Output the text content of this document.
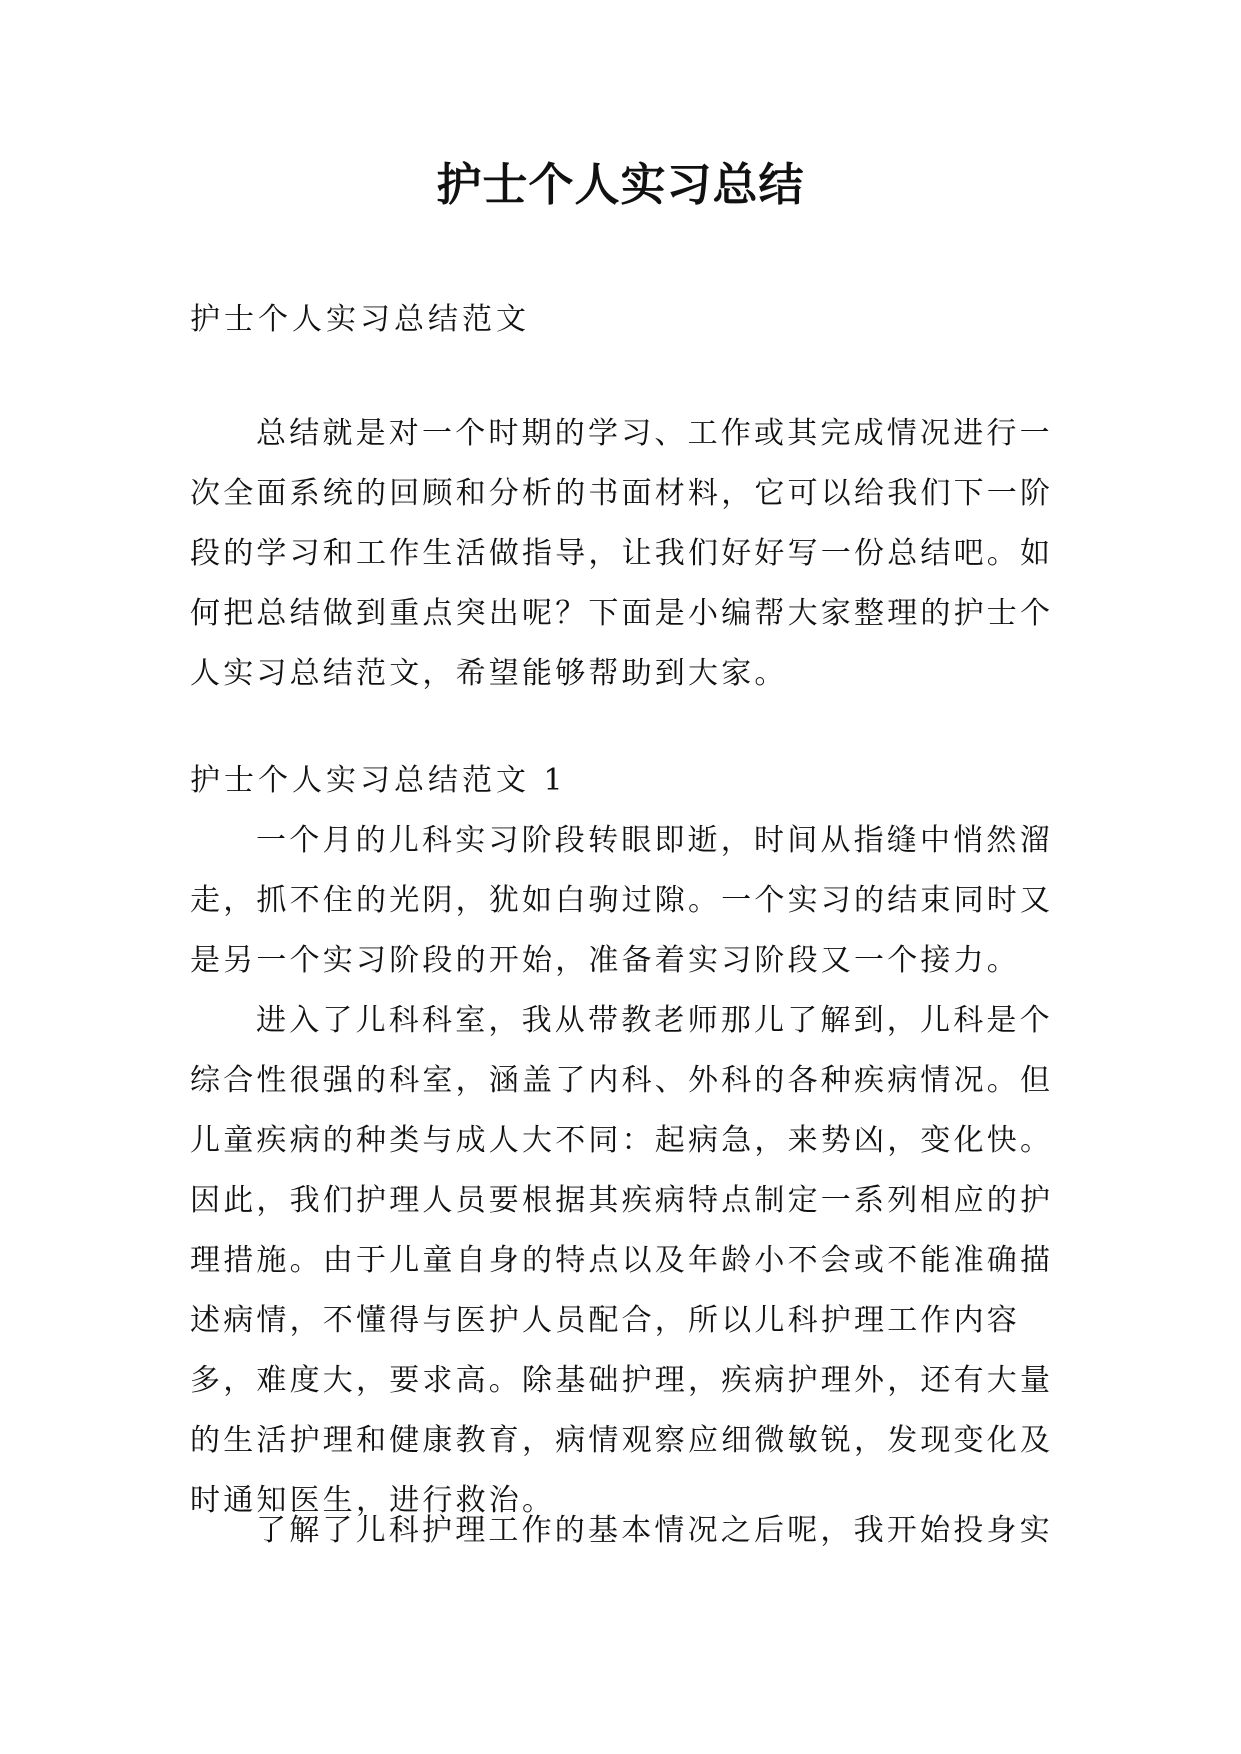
护士个人实习总结

护士个人实习总结范文

总结就是对一个时期的学习、工作或其完成情况进行一次全面系统的回顾和分析的书面材料，它可以给我们下一阶段的学习和工作生活做指导，让我们好好写一份总结吧。如何把总结做到重点突出呢？下面是小编帮大家整理的护士个人实习总结范文，希望能够帮助到大家。

护士个人实习总结范文 1

一个月的儿科实习阶段转眼即逝，时间从指缝中悄然溜走，抓不住的光阴，犹如白驹过隙。一个实习的结束同时又是另一个实习阶段的开始，准备着实习阶段又一个接力。

进入了儿科科室，我从带教老师那儿了解到，儿科是个综合性很强的科室，涵盖了内科、外科的各种疾病情况。但儿童疾病的种类与成人大不同：起病急，来势凶，变化快。因此，我们护理人员要根据其疾病特点制定一系列相应的护理措施。由于儿童自身的特点以及年龄小不会或不能准确描述病情，不懂得与医护人员配合，所以儿科护理工作内容多，难度大，要求高。除基础护理，疾病护理外，还有大量的生活护理和健康教育，病情观察应细微敏锐，发现变化及时通知医生，进行救治。

了解了儿科护理工作的基本情况之后呢，我开始投身实
